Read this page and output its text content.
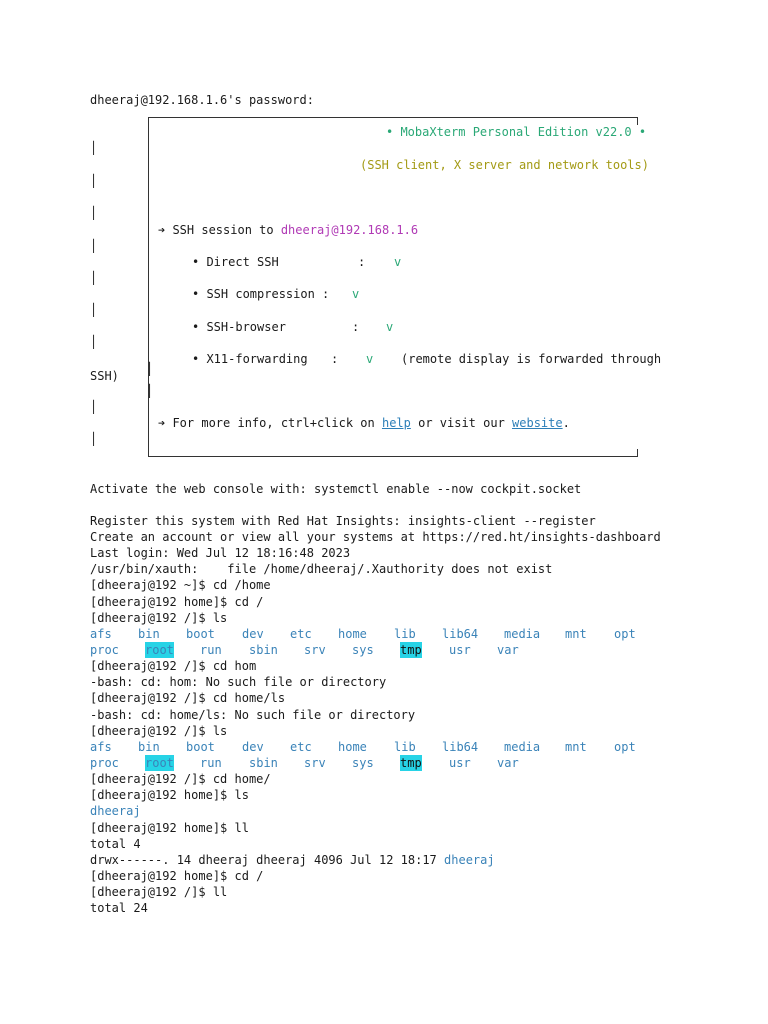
dheeraj@192.168.1.6's password:
• MobaXterm Personal Edition v22.0 •
(SSH client, X server and network tools)
➔ SSH session to dheeraj@192.168.1.6
• Direct SSH	: v
• SSH compression : v
• SSH-browser	: v
• X11-forwarding : v (remote display is forwarded through
SSH)
➔ For more info, ctrl+click on help or visit our website.
│
│
│
│
│
│
│
│
│
│
│
Activate the web console with: systemctl enable --now cockpit.socket
Register this system with Red Hat Insights: insights-client --register
Create an account or view all your systems at https://red.ht/insights-dashboard
Last login: Wed Jul 12 18:16:48 2023
/usr/bin/xauth:    file /home/dheeraj/.Xauthority does not exist
[dheeraj@192 ~]$ cd /home
[dheeraj@192 home]$ cd /
[dheeraj@192 /]$ ls
afs bin boot dev etc home lib lib64 media mnt opt
proc root run sbin srv sys tmp usr var
[dheeraj@192 /]$ cd hom
-bash: cd: hom: No such file or directory
[dheeraj@192 /]$ cd home/ls
-bash: cd: home/ls: No such file or directory
[dheeraj@192 /]$ ls
afs bin boot dev etc home lib lib64 media mnt opt
proc root run sbin srv sys tmp usr var
[dheeraj@192 /]$ cd home/
[dheeraj@192 home]$ ls
dheeraj
[dheeraj@192 home]$ ll
total 4
drwx------. 14 dheeraj dheeraj 4096 Jul 12 18:17 dheeraj
[dheeraj@192 home]$ cd /
[dheeraj@192 /]$ ll
total 24
